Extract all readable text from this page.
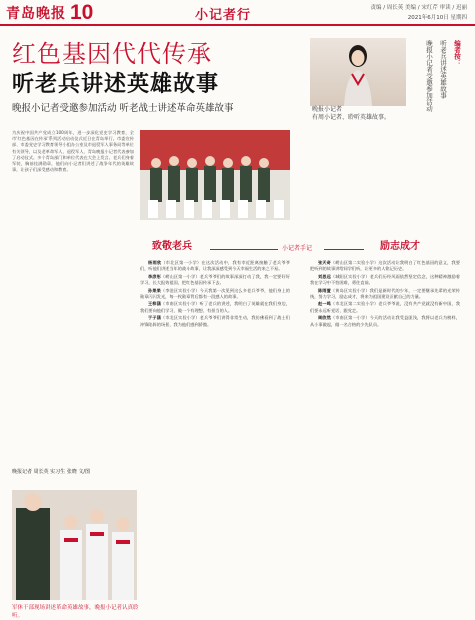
青岛晚报 10	小记者行	责编 / 周长英 美编 / 宋红芹 审读 / 迟丽
2021年6月10日 星期四
红色基因代代传承
听老兵讲述英雄故事
晚报小记者受邀参加活动 听老战士讲述革命英雄故事	晚报小记者
有周小记者、聆听英雄故事。
编者按：
听老兵讲述英雄故事
晚报小记者受邀参加活动
为庆祝中国共产党成立100周年，进一步深化党史学习教育，全市'红色基因在传承'系列活动启动仪式近日在青岛举行。市委宣传部、市委党史学习教育领导小组办公室及市退役军人事务局等单位有关领导，以及老革命军人、退役军人、青岛晚报小记者代表参加了启动仪式。多个青岛部门和单位代表在大会上发言。老兵们身着军装，胸前挂满勋章，他们向小记者们讲述了战争年代的英雄故事，让孩子们深受感动和教育。
晚报记者 周长英 实习生 张晓 文/图
致敬老兵	小记者手记	励志成才

杨雨欣（市北区第一小学）在这次活动中，我有幸近距离接触了老兵爷爷们，听他们讲述当年的战斗故事，让我深深感受到今天幸福生活的来之不易。

李彦彤（崂山区第一小学）老兵爷爷们的故事深深打动了我，我一定要好好学习，长大报效祖国，把红色基因传承下去。

孙果果（李沧区实验小学）今天我第一次见到这么多老兵爷爷，他们身上的勋章闪闪发光，每一枚勋章背后都有一段感人的故事。

王梓涵（市南区实验小学）听了老兵的讲述，我明白了英雄就在我们身边，我们要向他们学习，做一个有理想、有担当的人。

于子涵（市北区实验小学）老兵爷爷们讲得非常生动，我仿佛看到了战士们冲锋陷阵的场景，我为他们感到骄傲。

张天奇（崂山区第二实验小学）这次活动让我明白了红色基因的意义，我要把听到的故事讲给同学们听，让更多的人铭记历史。

刘思远（城阳区实验小学）老兵们历经风雨依然坚定信念，这种精神激励着我在学习中不怕困难，勇往直前。

陈雨萱（黄岛区实验小学）我们是新时代的少年，一定要继承先辈的光荣传统，努力学习，励志成才，将来为祖国建设贡献自己的力量。

赵一鸣（市北区第二实验小学）老兵爷爷说，没有共产党就没有新中国，我们要永远听党话、跟党走。

周欣然（市南区第一小学）今天的活动让我受益匪浅，我将以老兵为榜样，从小事做起，做一名合格的少先队员。

军休干部现场讲述革命英雄故事，晚报小记者认真聆听。
